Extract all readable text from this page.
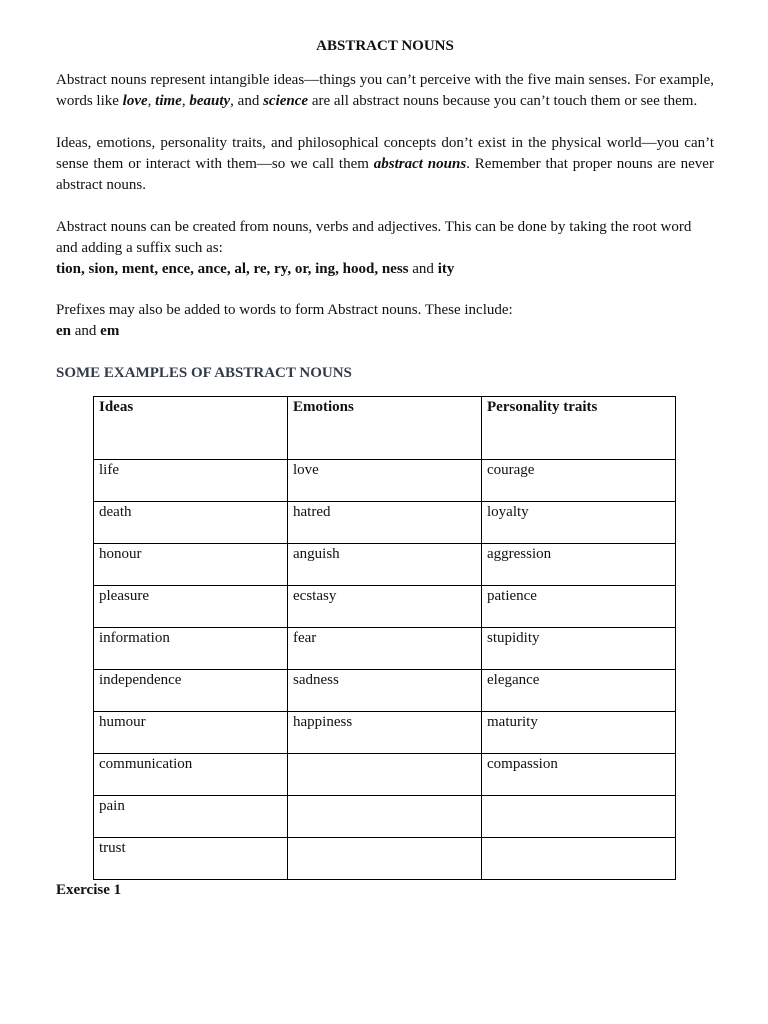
ABSTRACT NOUNS

Abstract nouns represent intangible ideas—things you can’t perceive with the five main senses. For example, words like love, time, beauty, and science are all abstract nouns because you can’t touch them or see them.

Ideas, emotions, personality traits, and philosophical concepts don’t exist in the physical world—you can’t sense them or interact with them—so we call them abstract nouns. Remember that proper nouns are never abstract nouns.

Abstract nouns can be created from nouns, verbs and adjectives. This can be done by taking the root word and adding a suffix such as:
tion, sion, ment, ence, ance, al, re, ry, or, ing, hood, ness and ity

Prefixes may also be added to words to form Abstract nouns. These include:
en and em

SOME EXAMPLES OF ABSTRACT NOUNS
Ideas	Emotions	Personality traits
life	love	courage
death	hatred	loyalty
honour	anguish	aggression
pleasure	ecstasy	patience
information	fear	stupidity
independence	sadness	elegance
humour	happiness	maturity
communication		compassion
pain		
trust		
Exercise 1
